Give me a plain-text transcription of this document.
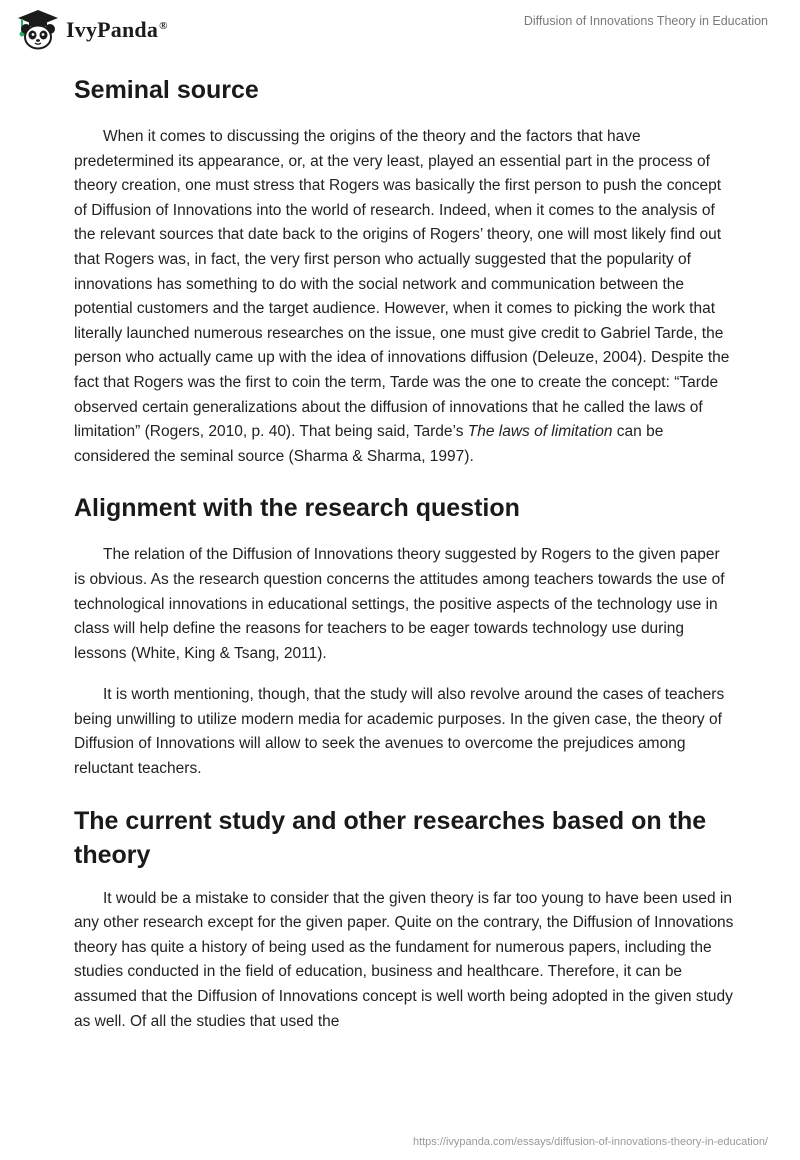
IvyPanda®	Diffusion of Innovations Theory in Education
Seminal source

When it comes to discussing the origins of the theory and the factors that have predetermined its appearance, or, at the very least, played an essential part in the process of theory creation, one must stress that Rogers was basically the first person to push the concept of Diffusion of Innovations into the world of research. Indeed, when it comes to the analysis of the relevant sources that date back to the origins of Rogers’ theory, one will most likely find out that Rogers was, in fact, the very first person who actually suggested that the popularity of innovations has something to do with the social network and communication between the potential customers and the target audience. However, when it comes to picking the work that literally launched numerous researches on the issue, one must give credit to Gabriel Tarde, the person who actually came up with the idea of innovations diffusion (Deleuze, 2004). Despite the fact that Rogers was the first to coin the term, Tarde was the one to create the concept: “Tarde observed certain generalizations about the diffusion of innovations that he called the laws of limitation” (Rogers, 2010, p. 40). That being said, Tarde’s The laws of limitation can be considered the seminal source (Sharma & Sharma, 1997).

Alignment with the research question

The relation of the Diffusion of Innovations theory suggested by Rogers to the given paper is obvious. As the research question concerns the attitudes among teachers towards the use of technological innovations in educational settings, the positive aspects of the technology use in class will help define the reasons for teachers to be eager towards technology use during lessons (White, King & Tsang, 2011).

It is worth mentioning, though, that the study will also revolve around the cases of teachers being unwilling to utilize modern media for academic purposes. In the given case, the theory of Diffusion of Innovations will allow to seek the avenues to overcome the prejudices among reluctant teachers.

The current study and other researches based on the theory

It would be a mistake to consider that the given theory is far too young to have been used in any other research except for the given paper. Quite on the contrary, the Diffusion of Innovations theory has quite a history of being used as the fundament for numerous papers, including the studies conducted in the field of education, business and healthcare. Therefore, it can be assumed that the Diffusion of Innovations concept is well worth being adopted in the given study as well. Of all the studies that used the

https://ivypanda.com/essays/diffusion-of-innovations-theory-in-education/
